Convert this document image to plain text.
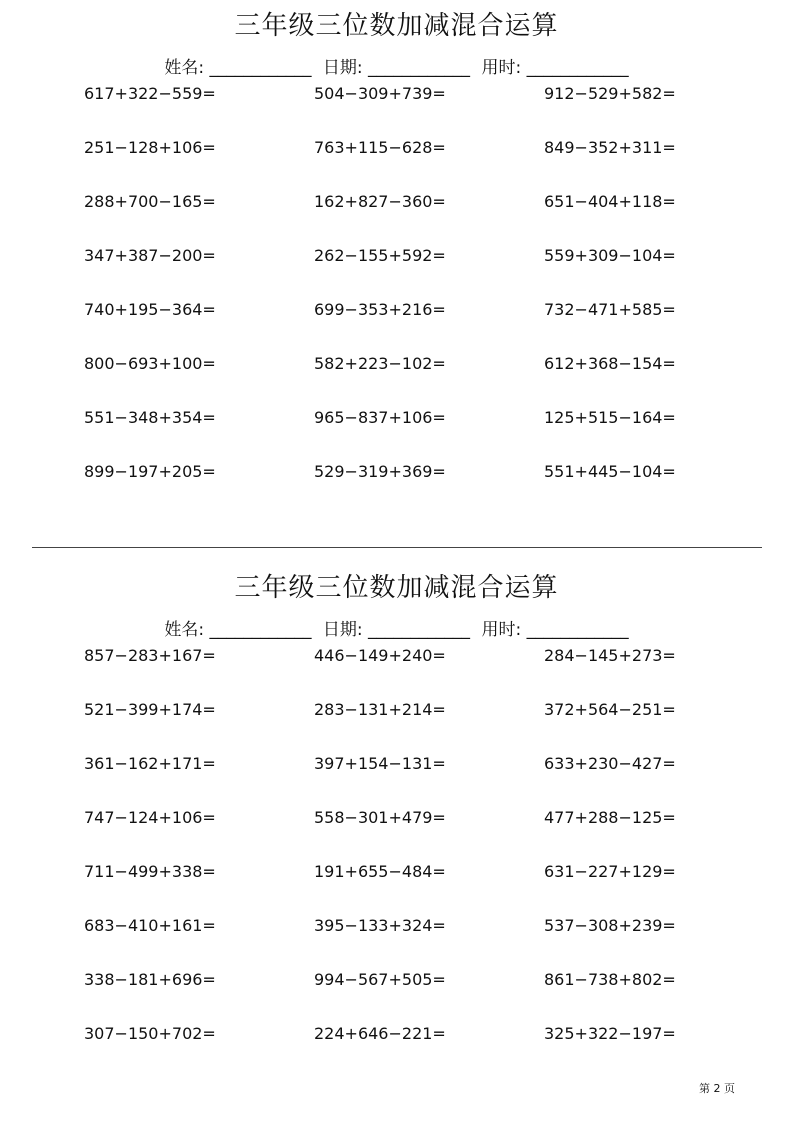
三年级三位数加减混合运算
姓名: ____________ 日期: ____________ 用时: ____________
617+322−559=	504−309+739=	912−529+582=
251−128+106=	763+115−628=	849−352+311=
288+700−165=	162+827−360=	651−404+118=
347+387−200=	262−155+592=	559+309−104=
740+195−364=	699−353+216=	732−471+585=
800−693+100=	582+223−102=	612+368−154=
551−348+354=	965−837+106=	125+515−164=
899−197+205=	529−319+369=	551+445−104=
三年级三位数加减混合运算
姓名: ____________ 日期: ____________ 用时: ____________
857−283+167=	446−149+240=	284−145+273=
521−399+174=	283−131+214=	372+564−251=
361−162+171=	397+154−131=	633+230−427=
747−124+106=	558−301+479=	477+288−125=
711−499+338=	191+655−484=	631−227+129=
683−410+161=	395−133+324=	537−308+239=
338−181+696=	994−567+505=	861−738+802=
307−150+702=	224+646−221=	325+322−197=
第 2 页
